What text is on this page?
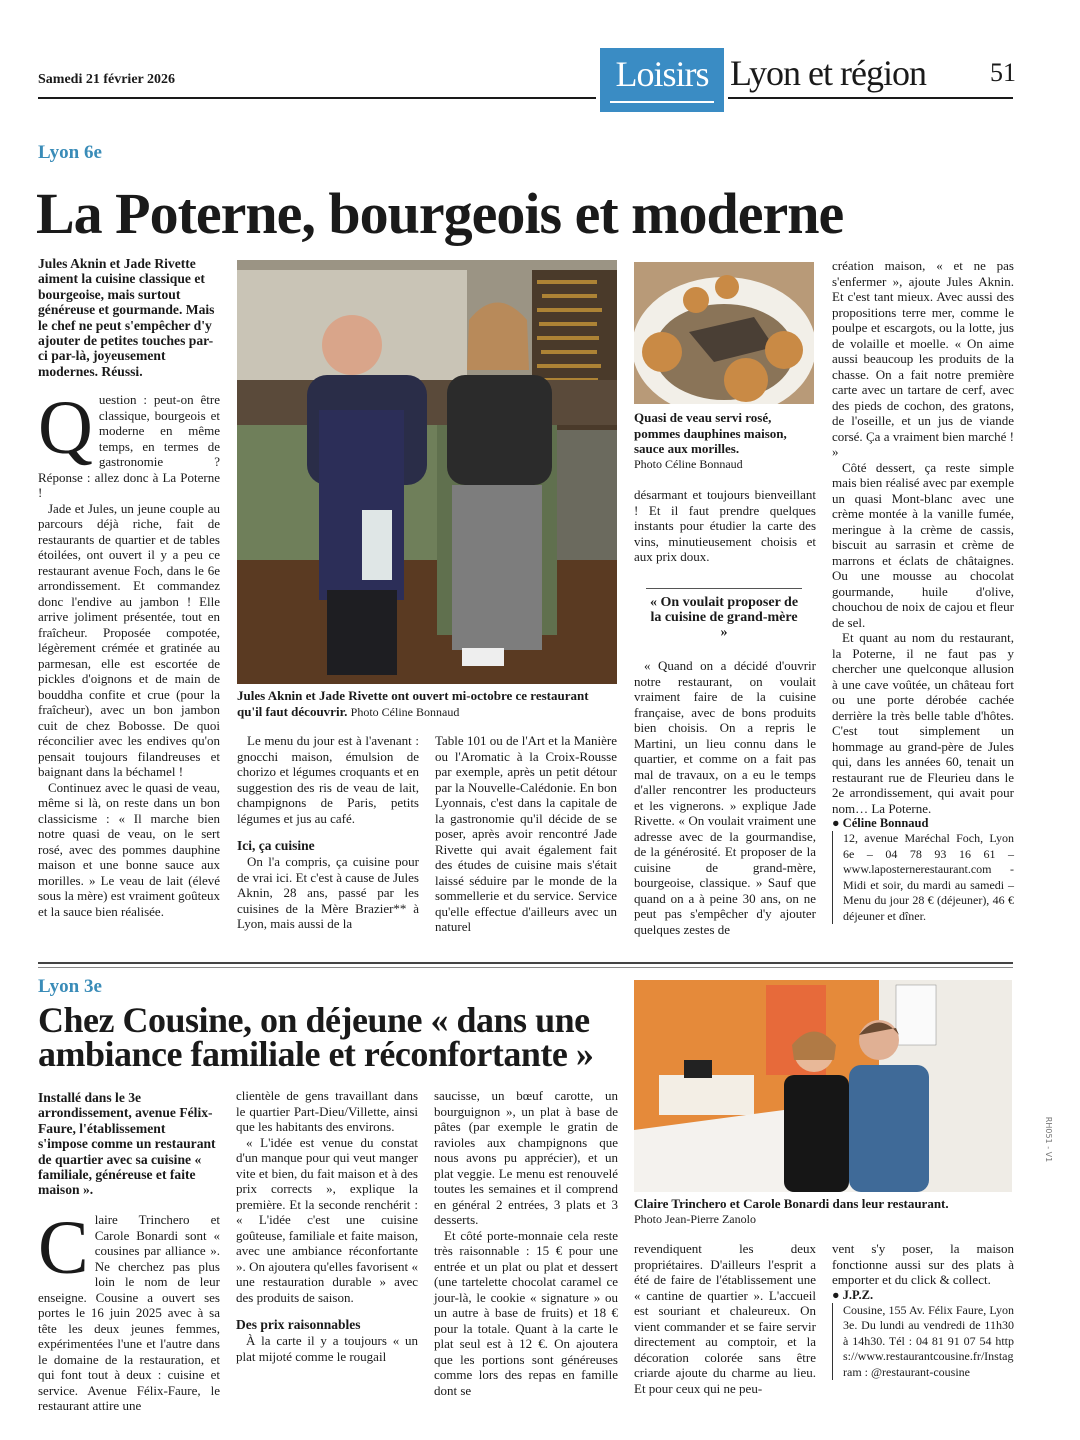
Samedi 21 février 2026	Loisirs Lyon et région 51
Lyon 6e
La Poterne, bourgeois et moderne
Jules Aknin et Jade Rivette aiment la cuisine classique et bourgeoise, mais surtout généreuse et gourmande. Mais le chef ne peut s'empêcher d'y ajouter de petites touches par-ci par-là, joyeusement modernes. Réussi.
Q uestion : peut-on être classique, bourgeois et moderne en même temps, en termes de gastronomie ? Réponse : allez donc à La Poterne !

Jade et Jules, un jeune couple au parcours déjà riche, fait de restaurants de quartier et de tables étoilées, ont ouvert il y a peu ce restaurant avenue Foch, dans le 6e arrondissement. Et commandez donc l'endive au jambon ! Elle arrive joliment présentée, tout en fraîcheur. Proposée compotée, légèrement crémée et gratinée au parmesan, elle est escortée de pickles d'oignons et de main de bouddha confite et crue (pour la fraîcheur), avec un bon jambon cuit de chez Bobosse. De quoi réconcilier avec les endives qu'on pensait toujours filandreuses et baignant dans la béchamel !

Continuez avec le quasi de veau, même si là, on reste dans un bon classicisme : « Il marche bien notre quasi de veau, on le sert rosé, avec des pommes dauphine maison et une bonne sauce aux morilles. » Le veau de lait (élevé sous la mère) est vraiment goûteux et la sauce bien réalisée.

Jules Aknin et Jade Rivette ont ouvert mi-octobre ce restaurant qu'il faut découvrir. Photo Céline Bonnaud

Le menu du jour est à l'avenant : gnocchi maison, émulsion de chorizo et légumes croquants et en suggestion des ris de veau de lait, champignons de Paris, petits légumes et jus au café.

Ici, ça cuisine

On l'a compris, ça cuisine pour de vrai ici. Et c'est à cause de Jules Aknin, 28 ans, passé par les cuisines de la Mère Brazier** à Lyon, mais aussi de la

Table 101 ou de l'Art et la Manière ou l'Aromatic à la Croix-Rousse par exemple, après un petit détour par la Nouvelle-Calédonie. En bon Lyonnais, c'est dans la capitale de la gastronomie qu'il décide de se poser, après avoir rencontré Jade Rivette qui avait également fait des études de cuisine mais s'était laissé séduire par le monde de la sommellerie et du service. Service qu'elle effectue d'ailleurs avec un naturel

Quasi de veau servi rosé, pommes dauphines maison, sauce aux morilles.
Photo Céline Bonnaud

désarmant et toujours bienveillant ! Et il faut prendre quelques instants pour étudier la carte des vins, minutieusement choisis et aux prix doux.

« On voulait proposer de la cuisine de grand-mère »

« Quand on a décidé d'ouvrir notre restaurant, on voulait vraiment faire de la cuisine française, avec de bons produits bien choisis. On a repris le Martini, un lieu connu dans le quartier, et comme on a fait pas mal de travaux, on a eu le temps d'aller rencontrer les producteurs et les vignerons. » explique Jade Rivette. « On voulait vraiment une adresse avec de la gourmandise, de la générosité. Et proposer de la cuisine de grand-mère, bourgeoise, classique. » Sauf que quand on a à peine 30 ans, on ne peut pas s'empêcher d'y ajouter quelques zestes de

création maison, « et ne pas s'enfermer », ajoute Jules Aknin. Et c'est tant mieux. Avec aussi des propositions terre mer, comme le poulpe et escargots, ou la lotte, jus de volaille et moelle. « On aime aussi beaucoup les produits de la chasse. On a fait notre première carte avec un tartare de cerf, avec des pieds de cochon, des gratons, de l'oseille, et un jus de viande corsé. Ça a vraiment bien marché ! »

Côté dessert, ça reste simple mais bien réalisé avec par exemple un quasi Mont-blanc avec une crème montée à la vanille fumée, meringue à la crème de cassis, biscuit au sarrasin et crème de marrons et éclats de châtaignes. Ou une mousse au chocolat gourmande, huile d'olive, chouchou de noix de cajou et fleur de sel.

Et quant au nom du restaurant, la Poterne, il ne faut pas y chercher une quelconque allusion à une cave voûtée, un château fort ou une porte dérobée cachée derrière la très belle table d'hôtes. C'est tout simplement un hommage au grand-père de Jules qui, dans les années 60, tenait un restaurant rue de Fleurieu dans le 2e arrondissement, qui avait pour nom… La Poterne.

● Céline Bonnaud
12, avenue Maréchal Foch, Lyon 6e – 04 78 93 16 61 – www.laposternerestaurant.com - Midi et soir, du mardi au samedi – Menu du jour 28 € (déjeuner), 46 € déjeuner et dîner.
Lyon 3e
Chez Cousine, on déjeune « dans une ambiance familiale et réconfortante »
Installé dans le 3e arrondissement, avenue Félix-Faure, l'établissement s'impose comme un restaurant de quartier avec sa cuisine « familiale, généreuse et faite maison ».
C laire Trinchero et Carole Bonardi sont « cousines par alliance ». Ne cherchez pas plus loin le nom de leur enseigne. Cousine a ouvert ses portes le 16 juin 2025 avec à sa tête les deux jeunes femmes, expérimentées l'une et l'autre dans le domaine de la restauration, et qui font tout à deux : cuisine et service. Avenue Félix-Faure, le restaurant attire une

clientèle de gens travaillant dans le quartier Part-Dieu/Villette, ainsi que les habitants des environs.

« L'idée est venue du constat d'un manque pour qui veut manger vite et bien, du fait maison et à des prix corrects », explique la première. Et la seconde renchérit : « L'idée c'est une cuisine goûteuse, familiale et faite maison, avec une ambiance réconfortante ». On ajoutera qu'elles favorisent « une restauration durable » avec des produits de saison.

Des prix raisonnables

À la carte il y a toujours « un plat mijoté comme le rougail

saucisse, un bœuf carotte, un bourguignon », un plat à base de pâtes (par exemple le gratin de ravioles aux champignons que nous avons pu apprécier), et un plat veggie. Le menu est renouvelé toutes les semaines et il comprend en général 2 entrées, 3 plats et 3 desserts.

Et côté porte-monnaie cela reste très raisonnable : 15 € pour une entrée et un plat ou plat et dessert (une tartelette chocolat caramel ce jour-là, le cookie « signature » ou un autre à base de fruits) et 18 € pour la totale. Quant à la carte le plat seul est à 12 €. On ajoutera que les portions sont généreuses comme lors des repas en famille dont se

Claire Trinchero et Carole Bonardi dans leur restaurant.
Photo Jean-Pierre Zanolo

revendiquent les deux propriétaires. D'ailleurs l'esprit a été de faire de l'établissement une « cantine de quartier ». L'accueil est souriant et chaleureux. On vient commander et se faire servir directement au comptoir, et la décoration colorée sans être criarde ajoute du charme au lieu. Et pour ceux qui ne peu-

vent s'y poser, la maison fonctionne aussi sur des plats à emporter et du click & collect.

● J.P.Z.
Cousine, 155 Av. Félix Faure, Lyon 3e. Du lundi au vendredi de 11h30 à 14h30. Tél : 04 81 91 07 54 https://www.restaurantcousine.fr/Instagram : @restaurant-cousine
RH051 - V1
